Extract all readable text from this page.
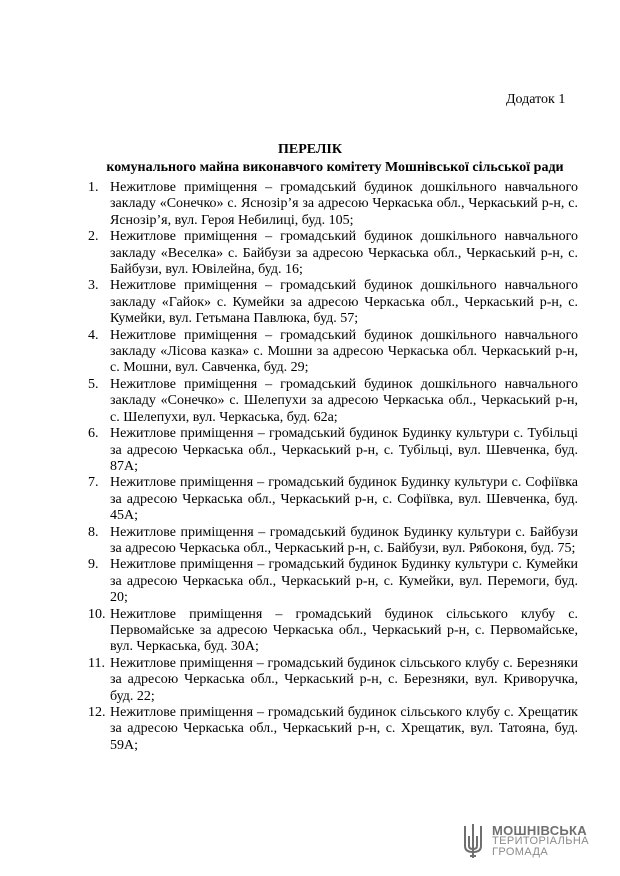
Додаток 1
ПЕРЕЛІК
комунального майна виконавчого комітету Мошнівської сільської ради
1. Нежитлове приміщення – громадський будинок дошкільного навчального закладу «Сонечко» с. Яснозір’я за адресою Черкаська обл., Черкаський р-н, с. Яснозір’я, вул. Героя Небилиці, буд. 105;
2. Нежитлове приміщення – громадський будинок дошкільного навчального закладу «Веселка» с. Байбузи за адресою Черкаська обл., Черкаський р-н, с. Байбузи, вул. Ювілейна, буд. 16;
3. Нежитлове приміщення – громадський будинок дошкільного навчального закладу «Гайок» с. Кумейки за адресою Черкаська обл., Черкаський р-н, с. Кумейки, вул. Гетьмана Павлюка, буд. 57;
4. Нежитлове приміщення – громадський будинок дошкільного навчального закладу «Лісова казка» с. Мошни за адресою Черкаська обл. Черкаський р-н, с. Мошни, вул. Савченка, буд. 29;
5. Нежитлове приміщення – громадський будинок дошкільного навчального закладу «Сонечко» с. Шелепухи за адресою Черкаська обл., Черкаський р-н, с. Шелепухи, вул. Черкаська, буд. 62а;
6. Нежитлове приміщення – громадський будинок Будинку культури с. Тубільці за адресою Черкаська обл., Черкаський р-н, с. Тубільці, вул. Шевченка, буд. 87А;
7. Нежитлове приміщення – громадський будинок Будинку культури с. Софіївка за адресою Черкаська обл., Черкаський р-н, с. Софіївка, вул. Шевченка, буд. 45А;
8. Нежитлове приміщення – громадський будинок Будинку культури с. Байбузи за адресою Черкаська обл., Черкаський р-н, с. Байбузи, вул. Рябоконя, буд. 75;
9. Нежитлове приміщення – громадський будинок Будинку культури с. Кумейки за адресою Черкаська обл., Черкаський р-н, с. Кумейки, вул. Перемоги, буд. 20;
10. Нежитлове приміщення – громадський будинок сільського клубу с. Первомайське за адресою Черкаська обл., Черкаський р-н, с. Первомайське, вул. Черкаська, буд. 30А;
11. Нежитлове приміщення – громадський будинок сільського клубу с. Березняки за адресою Черкаська обл., Черкаський р-н, с. Березняки, вул. Криворучка, буд. 22;
12. Нежитлове приміщення – громадський будинок сільського клубу с. Хрещатик за адресою Черкаська обл., Черкаський р-н, с. Хрещатик, вул. Татояна, буд. 59А;
МОШНІВСЬКА
ТЕРИТОРІАЛЬНА
ГРОМАДА
